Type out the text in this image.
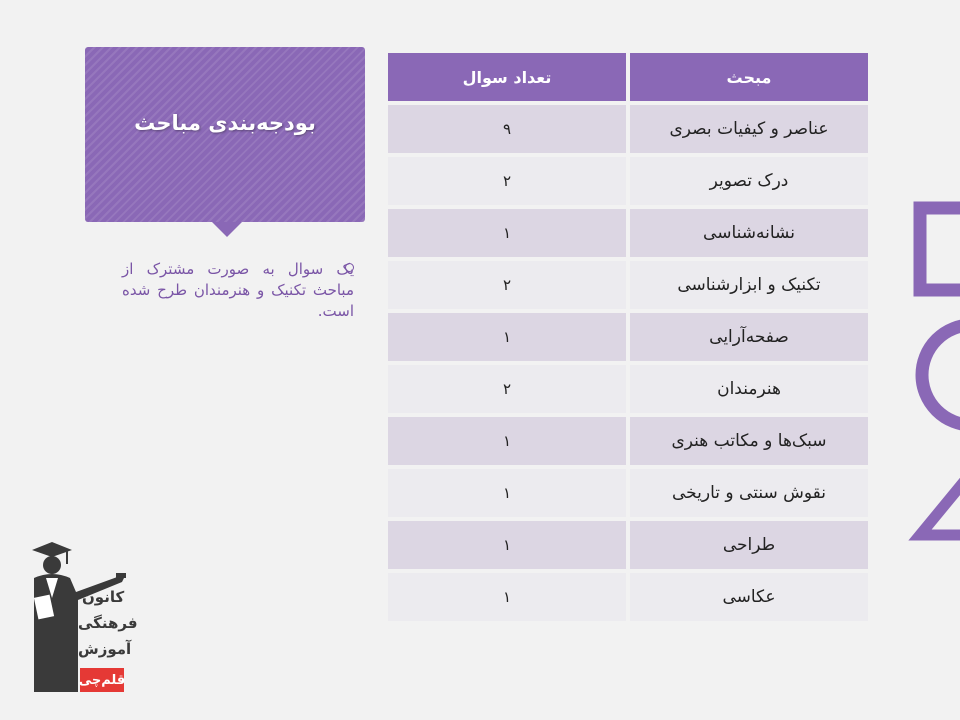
بودجه‌بندی مباحث
یک سوال به صورت مشترک از مباحث تکنیک و هنرمندان طرح شده است.
مبحث	تعداد سوال
عناصر و کیفیات بصری	۹
درک تصویر	۲
نشانه‌شناسی	۱
تکنیک و ابزارشناسی	۲
صفحه‌آرایی	۱
هنرمندان	۲
سبک‌ها و مکاتب هنری	۱
نقوش سنتی و تاریخی	۱
طراحی	۱
عکاسی	۱
کانون
فرهنگی
آموزش
قلم‌چی
